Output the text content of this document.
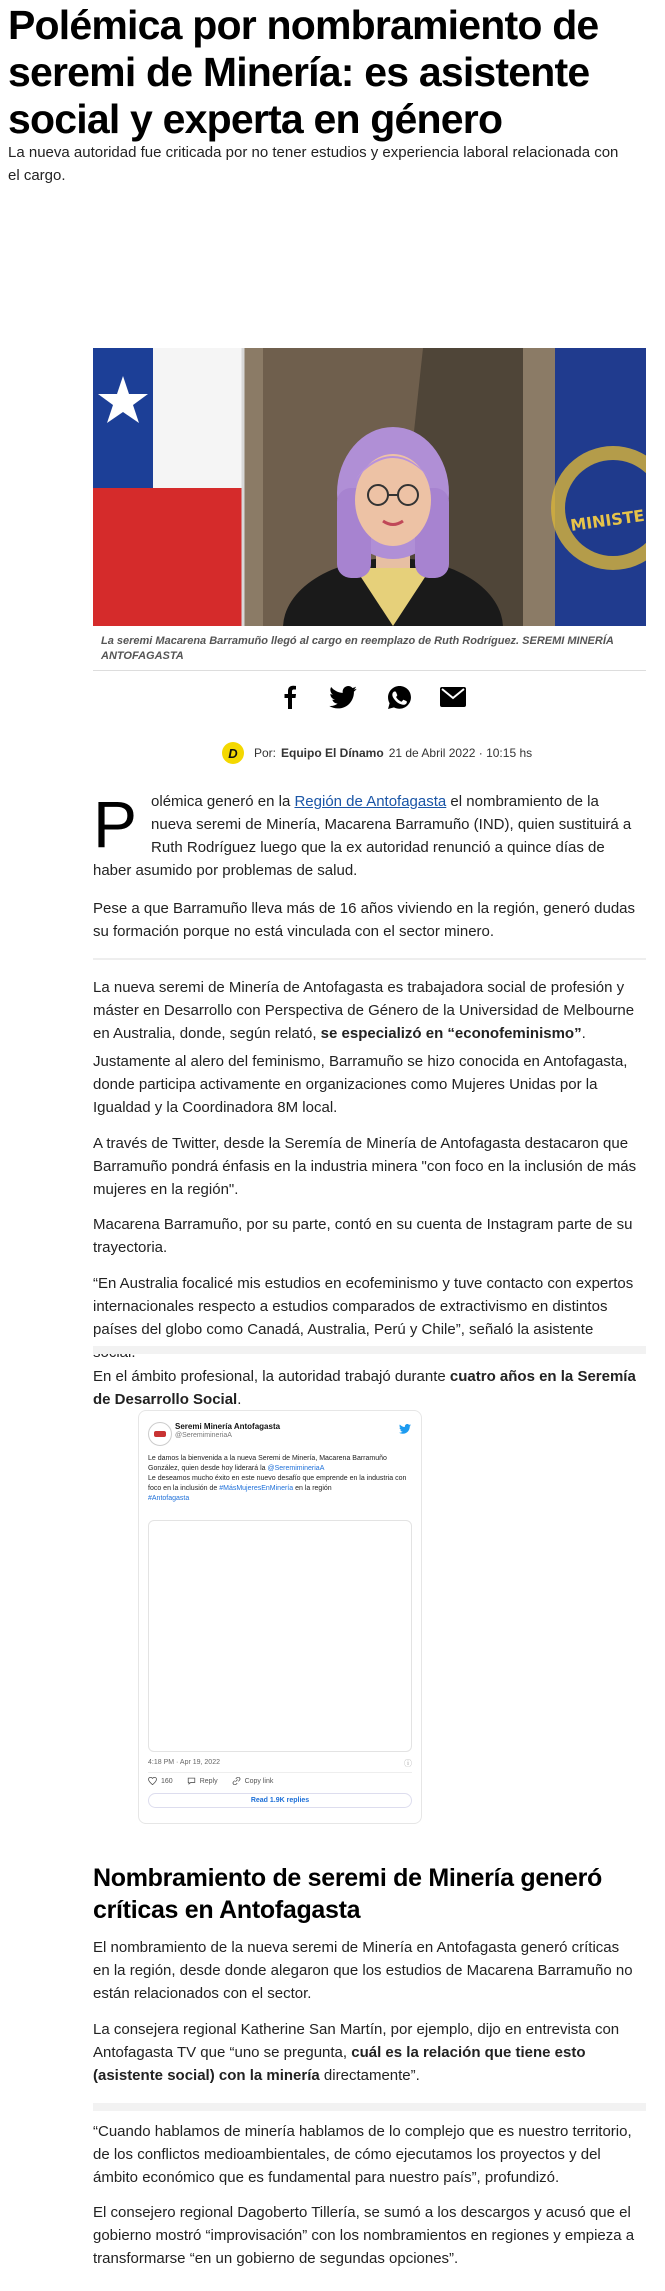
Polémica por nombramiento de seremi de Minería: es asistente social y experta en género

La nueva autoridad fue criticada por no tener estudios y experiencia laboral relacionada con el cargo.

MINISTE
La seremi Macarena Barramuño llegó al cargo en reemplazo de Ruth Rodríguez. SEREMI MINERÍA ANTOFAGASTA
D	Por: Equipo El Dínamo 21 de Abril 2022 · 10:15 hs

Polémica generó en la Región de Antofagasta el nombramiento de la nueva seremi de Minería, Macarena Barramuño (IND), quien sustituirá a Ruth Rodríguez luego que la ex autoridad renunció a quince días de haber asumido por problemas de salud.

Pese a que Barramuño lleva más de 16 años viviendo en la región, generó dudas su formación porque no está vinculada con el sector minero.

La nueva seremi de Minería de Antofagasta es trabajadora social de profesión y máster en Desarrollo con Perspectiva de Género de la Universidad de Melbourne en Australia, donde, según relató, se especializó en “econofeminismo”.

Justamente al alero del feminismo, Barramuño se hizo conocida en Antofagasta, donde participa activamente en organizaciones como Mujeres Unidas por la Igualdad y la Coordinadora 8M local.

A través de Twitter, desde la Seremía de Minería de Antofagasta destacaron que Barramuño pondrá énfasis en la industria minera "con foco en la inclusión de más mujeres en la región".

Macarena Barramuño, por su parte, contó en su cuenta de Instagram parte de su trayectoria.

“En Australia focalicé mis estudios en ecofeminismo y tuve contacto con expertos internacionales respecto a estudios comparados de extractivismo en distintos países del globo como Canadá, Australia, Perú y Chile”, señaló la asistente

En el ámbito profesional, la autoridad trabajó durante cuatro años en la Seremía de Desarrollo Social.

Seremi Minería Antofagasta
@SeremimineriaA
Le damos la bienvenida a la nueva Seremi de Minería, Macarena Barramuño González, quien desde hoy liderará la @SeremimineriaA
Le deseamos mucho éxito en este nuevo desafío que emprende en la industria con foco en la inclusión de #MásMujeresEnMinería en la región
#Antofagasta
4:18 PM · Apr 19, 2022	ⓘ
160	Reply	Copy link
Read 1.9K replies
Nombramiento de seremi de Minería generó críticas en Antofagasta

El nombramiento de la nueva seremi de Minería en Antofagasta generó críticas en la región, desde donde alegaron que los estudios de Macarena Barramuño no están relacionados con el sector.

La consejera regional Katherine San Martín, por ejemplo, dijo en entrevista con Antofagasta TV que “uno se pregunta, cuál es la relación que tiene esto (asistente social) con la minería directamente”.

“Cuando hablamos de minería hablamos de lo complejo que es nuestro territorio, de los conflictos medioambientales, de cómo ejecutamos los proyectos y del ámbito económico que es fundamental para nuestro país”, profundizó.

El consejero regional Dagoberto Tillería, se sumó a los descargos y acusó que el gobierno mostró “improvisación” con los nombramientos en regiones y empieza a transformarse “en un gobierno de segundas opciones”.
